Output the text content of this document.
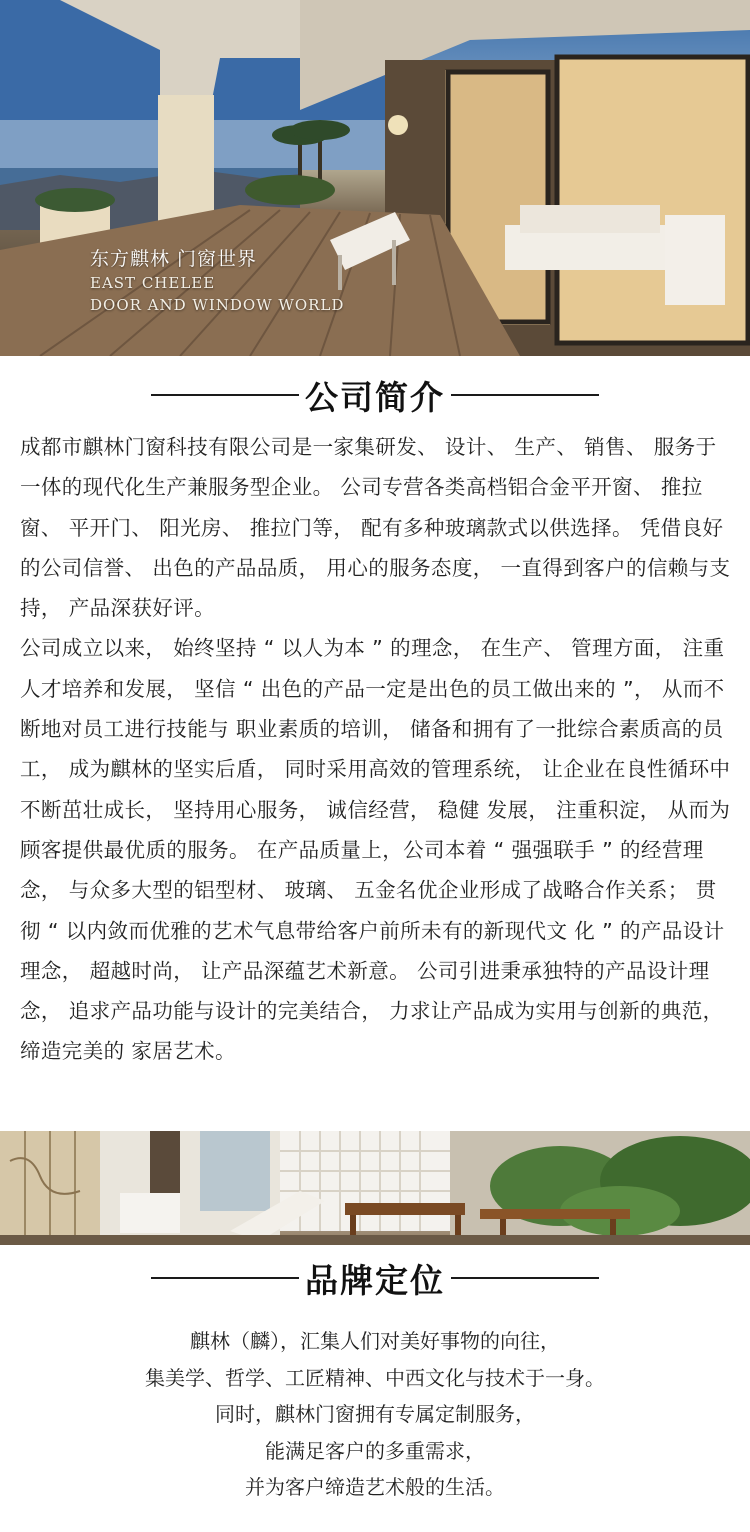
东方麒林 门窗世界
EAST CHELEE
DOOR AND WINDOW WORLD
公司简介

成都市麒林门窗科技有限公司是一家集研发、 设计、 生产、 销售、 服务于一体的现代化生产兼服务型企业。 公司专营各类高档铝合金平开窗、 推拉窗、 平开门、 阳光房、 推拉门等， 配有多种玻璃款式以供选择。 凭借良好的公司信誉、 出色的产品品质， 用心的服务态度， 一直得到客户的信赖与支持， 产品深获好评。

公司成立以来， 始终坚持 “ 以人为本 ” 的理念， 在生产、 管理方面， 注重人才培养和发展， 坚信 “ 出色的产品一定是出色的员工做出来的 ”， 从而不断地对员工进行技能与 职业素质的培训， 储备和拥有了一批综合素质高的员工， 成为麒林的坚实后盾， 同时采用高效的管理系统， 让企业在良性循环中不断茁壮成长， 坚持用心服务， 诚信经营， 稳健 发展， 注重积淀， 从而为顾客提供最优质的服务。 在产品质量上，公司本着 “ 强强联手 ” 的经营理念， 与众多大型的铝型材、 玻璃、 五金名优企业形成了战略合作关系； 贯彻 “ 以内敛而优雅的艺术气息带给客户前所未有的新现代文 化 ” 的产品设计理念， 超越时尚， 让产品深蕴艺术新意。 公司引进秉承独特的产品设计理念， 追求产品功能与设计的完美结合， 力求让产品成为实用与创新的典范， 缔造完美的 家居艺术。

品牌定位
麒林（麟），汇集人们对美好事物的向往，
集美学、哲学、工匠精神、中西文化与技术于一身。
同时，麒林门窗拥有专属定制服务，
能满足客户的多重需求，
并为客户缔造艺术般的生活。
